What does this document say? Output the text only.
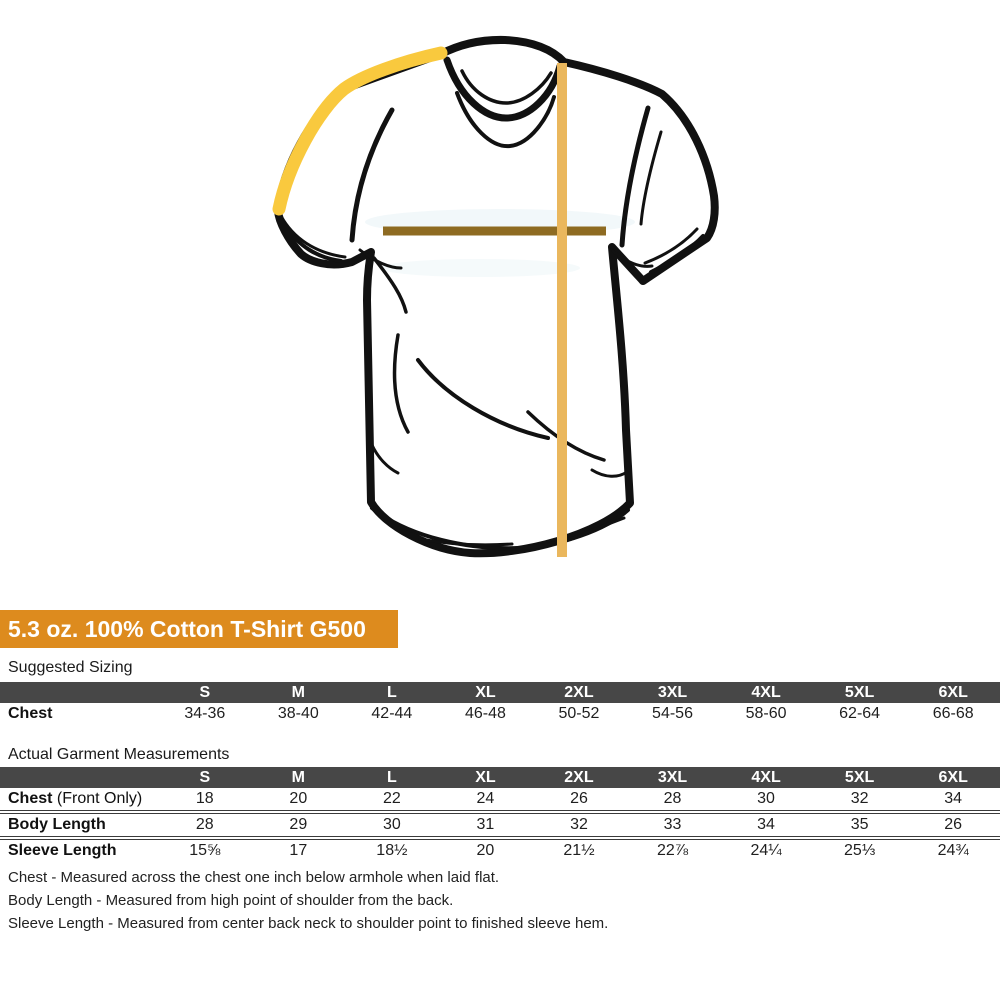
5.3 oz. 100% Cotton T-Shirt G500
Suggested Sizing
	S	M	L	XL	2XL	3XL	4XL	5XL	6XL
Chest	34-36	38-40	42-44	46-48	50-52	54-56	58-60	62-64	66-68
Actual Garment Measurements
	S	M	L	XL	2XL	3XL	4XL	5XL	6XL
Chest (Front Only)	18	20	22	24	26	28	30	32	34
Body Length	28	29	30	31	32	33	34	35	26
Sleeve Length	15⅝	17	18½	20	21½	22⅞	24¼	25⅓	24¾
Chest - Measured across the chest one inch below armhole when laid flat.
Body Length - Measured from high point of shoulder from the back.
Sleeve Length - Measured from center back neck to shoulder point to finished sleeve hem.
